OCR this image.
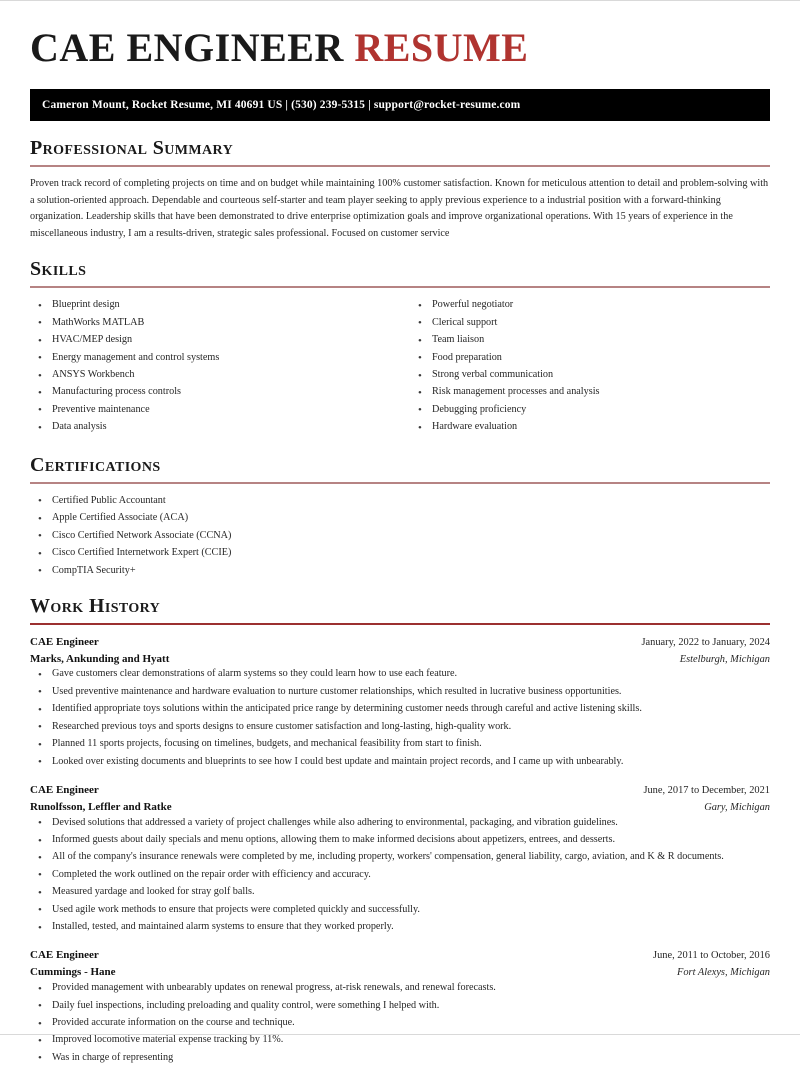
CAE ENGINEER RESUME
Cameron Mount, Rocket Resume, MI 40691 US | (530) 239-5315 | support@rocket-resume.com
Professional Summary

Proven track record of completing projects on time and on budget while maintaining 100% customer satisfaction. Known for meticulous attention to detail and problem-solving with a solution-oriented approach. Dependable and courteous self-starter and team player seeking to apply previous experience to a industrial position with a forward-thinking organization. Leadership skills that have been demonstrated to drive enterprise optimization goals and improve organizational operations. With 15 years of experience in the miscellaneous industry, I am a results-driven, strategic sales professional. Focused on customer service

Skills
• Blueprint design
• MathWorks MATLAB
• HVAC/MEP design
• Energy management and control systems
• ANSYS Workbench
• Manufacturing process controls
• Preventive maintenance
• Data analysis
• Powerful negotiator
• Clerical support
• Team liaison
• Food preparation
• Strong verbal communication
• Risk management processes and analysis
• Debugging proficiency
• Hardware evaluation
Certifications
• Certified Public Accountant
• Apple Certified Associate (ACA)
• Cisco Certified Network Associate (CCNA)
• Cisco Certified Internetwork Expert (CCIE)
• CompTIA Security+
Work History
CAE Engineer	January, 2022 to January, 2024
Marks, Ankunding and Hyatt	Estelburgh, Michigan
• Gave customers clear demonstrations of alarm systems so they could learn how to use each feature.
• Used preventive maintenance and hardware evaluation to nurture customer relationships, which resulted in lucrative business opportunities.
• Identified appropriate toys solutions within the anticipated price range by determining customer needs through careful and active listening skills.
• Researched previous toys and sports designs to ensure customer satisfaction and long-lasting, high-quality work.
• Planned 11 sports projects, focusing on timelines, budgets, and mechanical feasibility from start to finish.
• Looked over existing documents and blueprints to see how I could best update and maintain project records, and I came up with unbearably.
CAE Engineer	June, 2017 to December, 2021
Runolfsson, Leffler and Ratke	Gary, Michigan
• Devised solutions that addressed a variety of project challenges while also adhering to environmental, packaging, and vibration guidelines.
• Informed guests about daily specials and menu options, allowing them to make informed decisions about appetizers, entrees, and desserts.
• All of the company's insurance renewals were completed by me, including property, workers' compensation, general liability, cargo, aviation, and K & R documents.
• Completed the work outlined on the repair order with efficiency and accuracy.
• Measured yardage and looked for stray golf balls.
• Used agile work methods to ensure that projects were completed quickly and successfully.
• Installed, tested, and maintained alarm systems to ensure that they worked properly.
CAE Engineer	June, 2011 to October, 2016
Cummings - Hane	Fort Alexys, Michigan
• Provided management with unbearably updates on renewal progress, at-risk renewals, and renewal forecasts.
• Daily fuel inspections, including preloading and quality control, were something I helped with.
• Provided accurate information on the course and technique.
• Improved locomotive material expense tracking by 11%.
• Was in charge of representing
